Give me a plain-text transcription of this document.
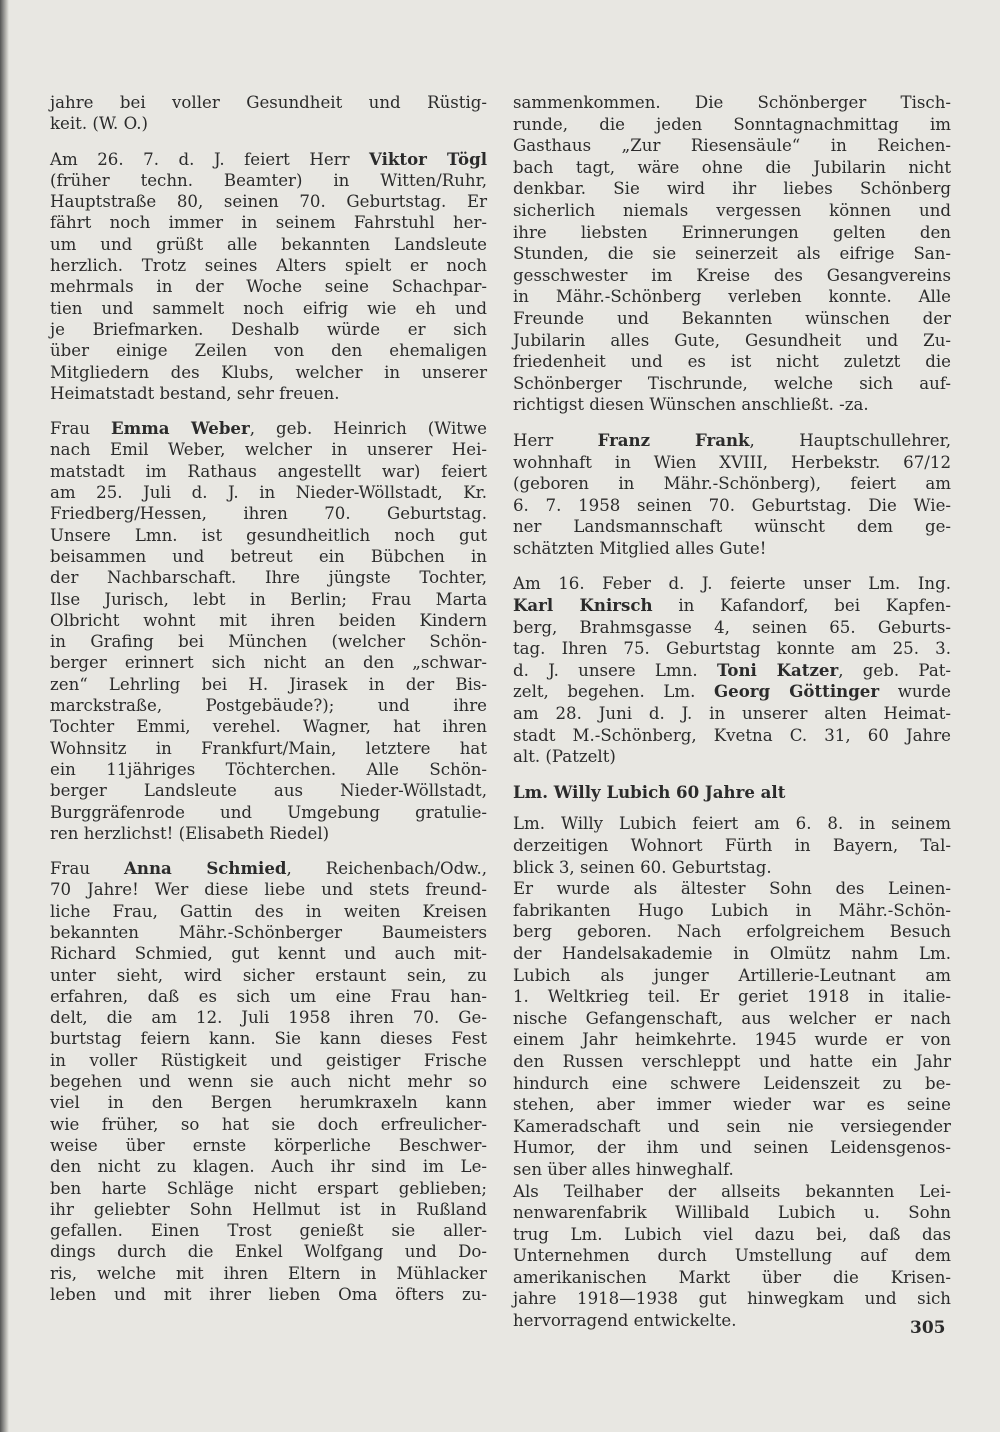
jahre bei voller Gesundheit und Rüstig-
keit. (W. O.)
Am 26. 7. d. J. feiert Herr Viktor Tögl
(früher techn. Beamter) in Witten/Ruhr,
Hauptstraße 80, seinen 70. Geburtstag. Er
fährt noch immer in seinem Fahrstuhl her-
um und grüßt alle bekannten Landsleute
herzlich. Trotz seines Alters spielt er noch
mehrmals in der Woche seine Schachpar-
tien und sammelt noch eifrig wie eh und
je Briefmarken. Deshalb würde er sich
über einige Zeilen von den ehemaligen
Mitgliedern des Klubs, welcher in unserer
Heimatstadt bestand, sehr freuen.
Frau Emma Weber, geb. Heinrich (Witwe
nach Emil Weber, welcher in unserer Hei-
matstadt im Rathaus angestellt war) feiert
am 25. Juli d. J. in Nieder-Wöllstadt, Kr.
Friedberg/Hessen, ihren 70. Geburtstag.
Unsere Lmn. ist gesundheitlich noch gut
beisammen und betreut ein Bübchen in
der Nachbarschaft. Ihre jüngste Tochter,
Ilse Jurisch, lebt in Berlin; Frau Marta
Olbricht wohnt mit ihren beiden Kindern
in Grafing bei München (welcher Schön-
berger erinnert sich nicht an den „schwar-
zen“ Lehrling bei H. Jirasek in der Bis-
marckstraße, Postgebäude?); und ihre
Tochter Emmi, verehel. Wagner, hat ihren
Wohnsitz in Frankfurt/Main, letztere hat
ein 11jähriges Töchterchen. Alle Schön-
berger Landsleute aus Nieder-Wöllstadt,
Burggräfenrode und Umgebung gratulie-
ren herzlichst! (Elisabeth Riedel)
Frau Anna Schmied, Reichenbach/Odw.,
70 Jahre! Wer diese liebe und stets freund-
liche Frau, Gattin des in weiten Kreisen
bekannten Mähr.-Schönberger Baumeisters
Richard Schmied, gut kennt und auch mit-
unter sieht, wird sicher erstaunt sein, zu
erfahren, daß es sich um eine Frau han-
delt, die am 12. Juli 1958 ihren 70. Ge-
burtstag feiern kann. Sie kann dieses Fest
in voller Rüstigkeit und geistiger Frische
begehen und wenn sie auch nicht mehr so
viel in den Bergen herumkraxeln kann
wie früher, so hat sie doch erfreulicher-
weise über ernste körperliche Beschwer-
den nicht zu klagen. Auch ihr sind im Le-
ben harte Schläge nicht erspart geblieben;
ihr geliebter Sohn Hellmut ist in Rußland
gefallen. Einen Trost genießt sie aller-
dings durch die Enkel Wolfgang und Do-
ris, welche mit ihren Eltern in Mühlacker
leben und mit ihrer lieben Oma öfters zu-
sammenkommen. Die Schönberger Tisch-
runde, die jeden Sonntagnachmittag im
Gasthaus „Zur Riesensäule“ in Reichen-
bach tagt, wäre ohne die Jubilarin nicht
denkbar. Sie wird ihr liebes Schönberg
sicherlich niemals vergessen können und
ihre liebsten Erinnerungen gelten den
Stunden, die sie seinerzeit als eifrige San-
gesschwester im Kreise des Gesangvereins
in Mähr.-Schönberg verleben konnte. Alle
Freunde und Bekannten wünschen der
Jubilarin alles Gute, Gesundheit und Zu-
friedenheit und es ist nicht zuletzt die
Schönberger Tischrunde, welche sich auf-
richtigst diesen Wünschen anschließt. -za.
Herr Franz Frank, Hauptschullehrer,
wohnhaft in Wien XVIII, Herbekstr. 67/12
(geboren in Mähr.-Schönberg), feiert am
6. 7. 1958 seinen 70. Geburtstag. Die Wie-
ner Landsmannschaft wünscht dem ge-
schätzten Mitglied alles Gute!
Am 16. Feber d. J. feierte unser Lm. Ing.
Karl Knirsch in Kafandorf, bei Kapfen-
berg, Brahmsgasse 4, seinen 65. Geburts-
tag. Ihren 75. Geburtstag konnte am 25. 3.
d. J. unsere Lmn. Toni Katzer, geb. Pat-
zelt, begehen. Lm. Georg Göttinger wurde
am 28. Juni d. J. in unserer alten Heimat-
stadt M.-Schönberg, Kvetna C. 31, 60 Jahre
alt. (Patzelt)
Lm. Willy Lubich 60 Jahre alt
Lm. Willy Lubich feiert am 6. 8. in seinem
derzeitigen Wohnort Fürth in Bayern, Tal-
blick 3, seinen 60. Geburtstag.
Er wurde als ältester Sohn des Leinen-
fabrikanten Hugo Lubich in Mähr.-Schön-
berg geboren. Nach erfolgreichem Besuch
der Handelsakademie in Olmütz nahm Lm.
Lubich als junger Artillerie-Leutnant am
1. Weltkrieg teil. Er geriet 1918 in italie-
nische Gefangenschaft, aus welcher er nach
einem Jahr heimkehrte. 1945 wurde er von
den Russen verschleppt und hatte ein Jahr
hindurch eine schwere Leidenszeit zu be-
stehen, aber immer wieder war es seine
Kameradschaft und sein nie versiegender
Humor, der ihm und seinen Leidensgenos-
sen über alles hinweghalf.
Als Teilhaber der allseits bekannten Lei-
nenwarenfabrik Willibald Lubich u. Sohn
trug Lm. Lubich viel dazu bei, daß das
Unternehmen durch Umstellung auf dem
amerikanischen Markt über die Krisen-
jahre 1918—1938 gut hinwegkam und sich
hervorragend entwickelte.	305
